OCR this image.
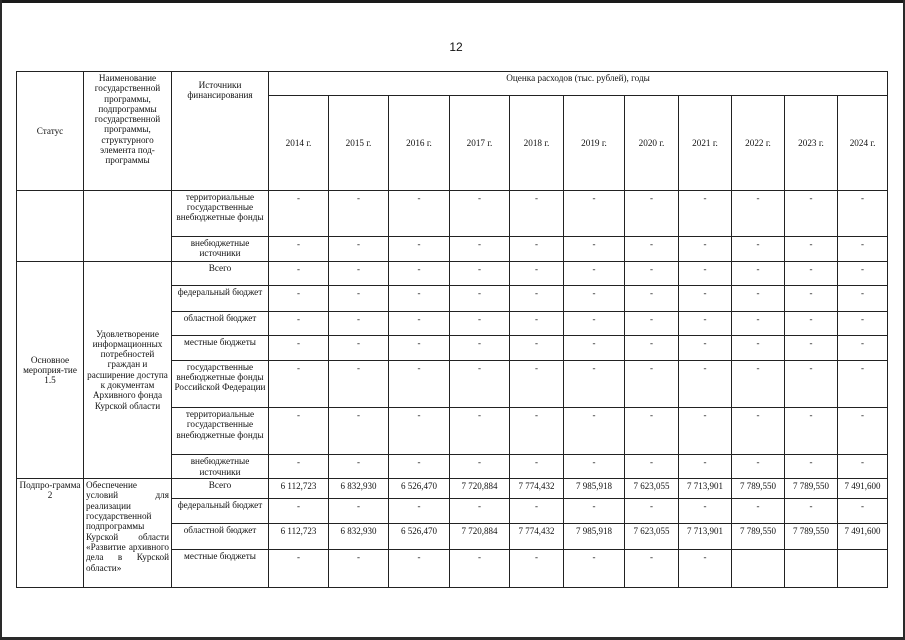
12
Статус	Наименование государственной программы, подпрограммы государственной программы, структурного элемента под-программы	Источники финансирования	Оценка расходов (тыс. рублей), годы										
			2014 г.	2015 г.	2016 г.	2017 г.	2018 г.	2019 г.	2020 г.	2021 г.	2022 г.	2023 г.	2024 г.
		территориальные государственные внебюджетные фонды	-	-	-	-	-	-	-	-	-	-	-
		внебюджетные источники	-	-	-	-	-	-	-	-	-	-	-
Основное мероприя-тие 1.5	Удовлетворение информационных потребностей граждан и расширение доступа к документам Архивного фонда Курской области	Всего	-	-	-	-	-	-	-	-	-	-	-
		федеральный бюджет	-	-	-	-	-	-	-	-	-	-	-
		областной бюджет	-	-	-	-	-	-	-	-	-	-	-
		местные бюджеты	-	-	-	-	-	-	-	-	-	-	-
		государственные внебюджетные фонды Российской Федерации	-	-	-	-	-	-	-	-	-	-	-
		территориальные государственные внебюджетные фонды	-	-	-	-	-	-	-	-	-	-	-
		внебюджетные источники	-	-	-	-	-	-	-	-	-	-	-
Подпро-грамма 2	Обеспечение условий для реализации государственной подпрограммы Курской области «Развитие архивного дела в Курской области»	Всего	6 112,723	6 832,930	6 526,470	7 720,884	7 774,432	7 985,918	7 623,055	7 713,901	7 789,550	7 789,550	7 491,600
		федеральный бюджет	-	-	-	-	-	-	-	-	-	-	-
		областной бюджет	6 112,723	6 832,930	6 526,470	7 720,884	7 774,432	7 985,918	7 623,055	7 713,901	7 789,550	7 789,550	7 491,600
		местные бюджеты	-	-	-	-	-	-	-	-			
